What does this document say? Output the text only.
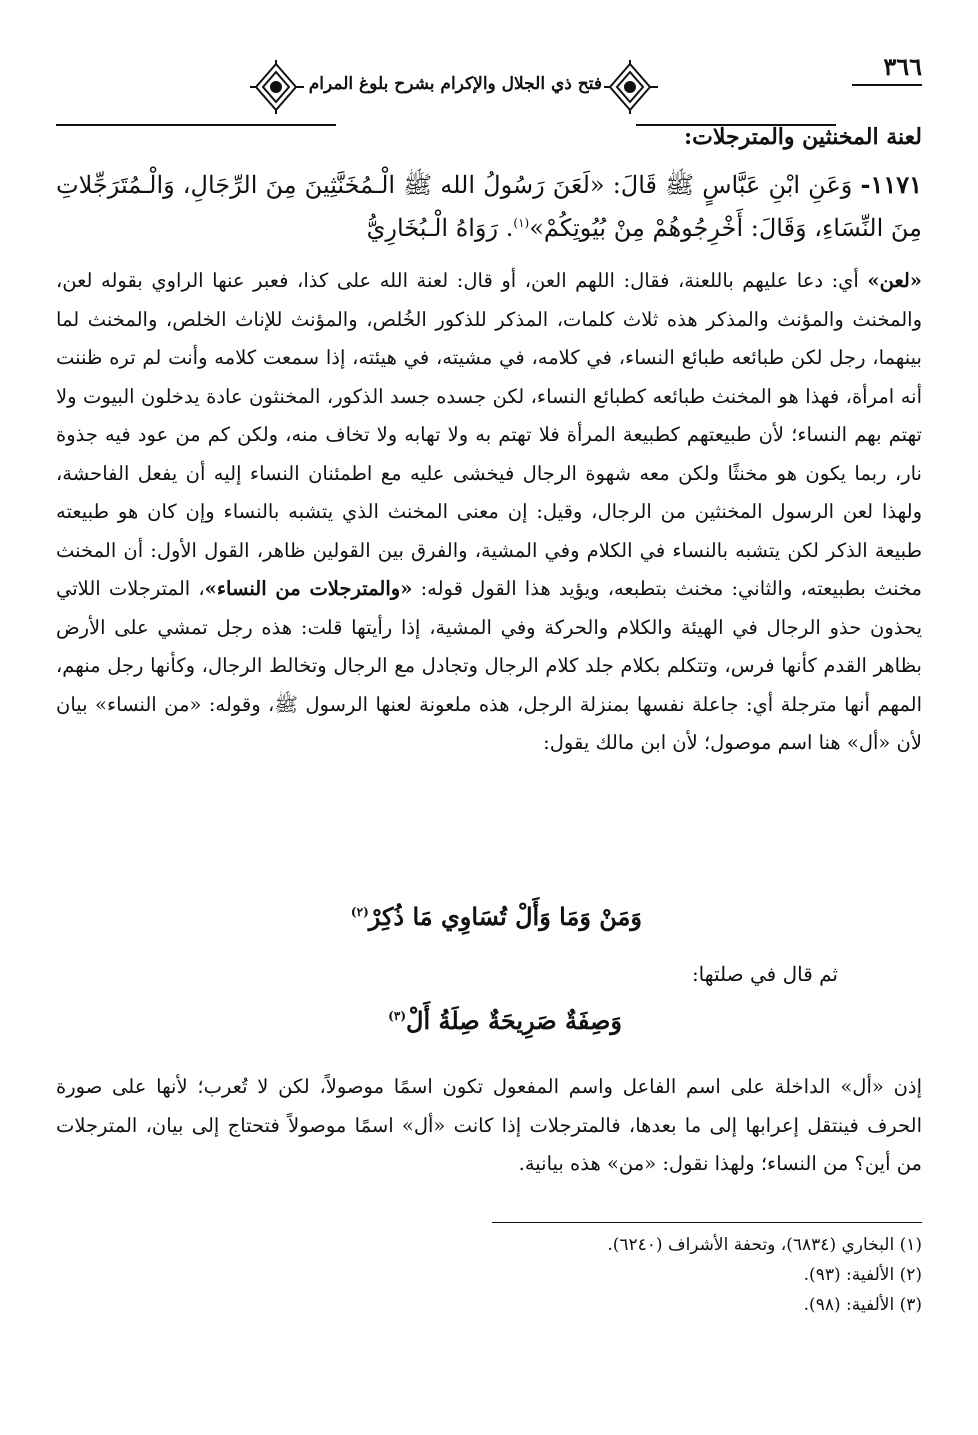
٣٦٦
فتح ذي الجلال والإكرام بشرح بلوغ المرام
لعنة المخنثين والمترجلات:
١١٧١- وَعَنِ ابْنِ عَبَّاسٍ ﷺ قَالَ: «لَعَنَ رَسُولُ الله ﷺ الْـمُخَنَّثِينَ مِنَ الرِّجَالِ، وَالْـمُتَرَجِّلاتِ مِنَ النِّسَاءِ، وَقَالَ: أَخْرِجُوهُمْ مِنْ بُيُوتِكُمْ»$^{(١)}$. رَوَاهُ الْـبُخَارِيُّ
«لعن» أي: دعا عليهم باللعنة، فقال: اللهم العن، أو قال: لعنة الله على كذا، فعبر عنها الراوي بقوله لعن، والمخنث والمؤنث والمذكر هذه ثلاث كلمات، المذكر للذكور الخُلص، والمؤنث للإناث الخلص، والمخنث لما بينهما، رجل لكن طبائعه طبائع النساء، في كلامه، في مشيته، في هيئته، إذا سمعت كلامه وأنت لم تره ظننت أنه امرأة، فهذا هو المخنث طبائعه كطبائع النساء، لكن جسده جسد الذكور، المخنثون عادة يدخلون البيوت ولا تهتم بهم النساء؛ لأن طبيعتهم كطبيعة المرأة فلا تهتم به ولا تهابه ولا تخاف منه، ولكن كم من عود فيه جذوة نار، ربما يكون هو مخنثًا ولكن معه شهوة الرجال فيخشى عليه مع اطمئنان النساء إليه أن يفعل الفاحشة، ولهذا لعن الرسول المخنثين من الرجال، وقيل: إن معنى المخنث الذي يتشبه بالنساء وإن كان هو طبيعته طبيعة الذكر لكن يتشبه بالنساء في الكلام وفي المشية، والفرق بين القولين ظاهر، القول الأول: أن المخنث مخنث بطبيعته، والثاني: مخنث بتطبعه، ويؤيد هذا القول قوله: «والمترجلات من النساء»، المترجلات اللاتي يحذون حذو الرجال في الهيئة والكلام والحركة وفي المشية، إذا رأيتها قلت: هذه رجل تمشي على الأرض بظاهر القدم كأنها فرس، وتتكلم بكلام جلد كلام الرجال وتجادل مع الرجال وتخالط الرجال، وكأنها رجل منهم، المهم أنها مترجلة أي: جاعلة نفسها بمنزلة الرجل، هذه ملعونة لعنها الرسول ﷺ، وقوله: «من النساء» بيان لأن «أل» هنا اسم موصول؛ لأن ابن مالك يقول:
وَمَنْ وَمَا وَأَلْ تُسَاوِي مَا ذُكِرْ$^{(٢)}$
ثم قال في صلتها:
وَصِفَةٌ صَرِيحَةٌ صِلَةُ أَلْ$^{(٣)}$
إذن «أل» الداخلة على اسم الفاعل واسم المفعول تكون اسمًا موصولاً، لكن لا تُعرب؛ لأنها على صورة الحرف فينتقل إعرابها إلى ما بعدها، فالمترجلات إذا كانت «أل» اسمًا موصولاً فتحتاج إلى بيان، المترجلات من أين؟ من النساء؛ ولهذا نقول: «من» هذه بيانية.
(١) البخاري (٦٨٣٤)، وتحفة الأشراف (٦٢٤٠).
(٢) الألفية: (٩٣).
(٣) الألفية: (٩٨).
